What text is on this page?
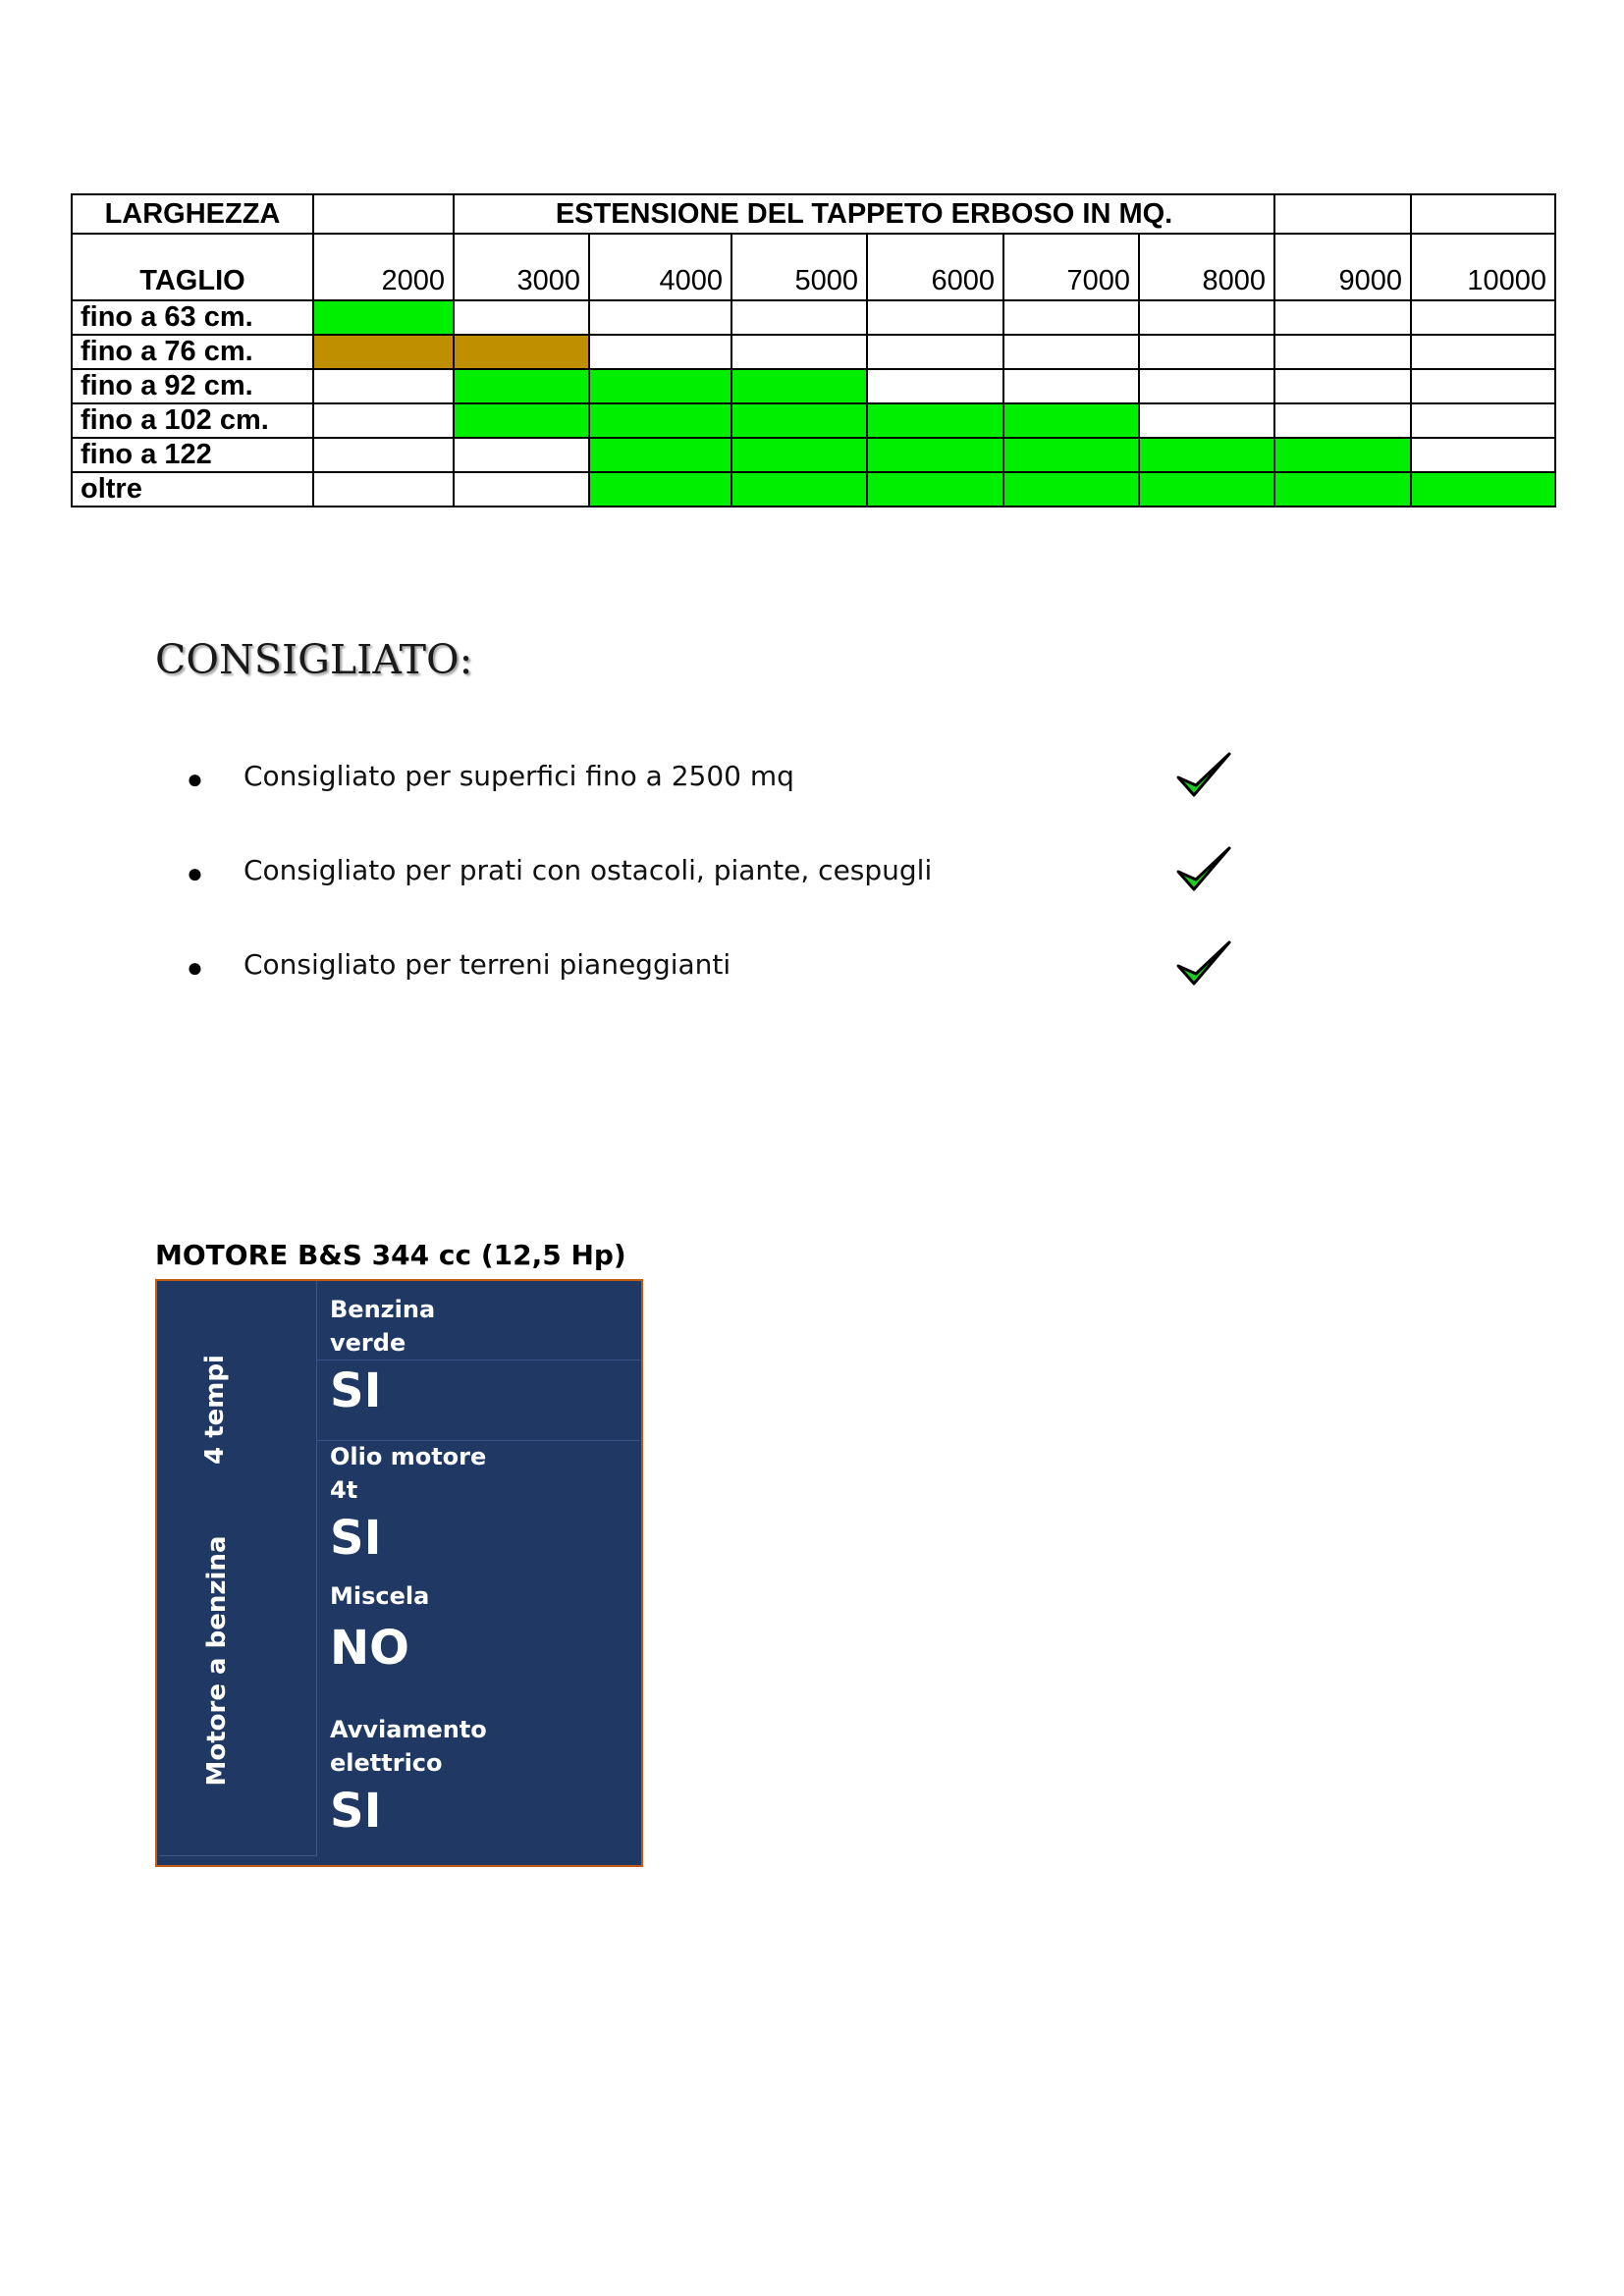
LARGHEZZA		ESTENSIONE DEL TAPPETO ERBOSO IN MQ.							
TAGLIO	2000	3000	4000	5000	6000	7000	8000	9000	10000
fino a 63 cm.									
fino a 76 cm.									
fino a 92 cm.									
fino a 102 cm.									
fino a 122									
oltre									
CONSIGLIATO:
● Consigliato per superfici fino a 2500 mq
● Consigliato per prati con ostacoli, piante, cespugli
● Consigliato per terreni pianeggianti
MOTORE B&S 344 cc (12,5 Hp)
4 tempi
Motore a benzina
Benzina
verde
SI
Olio motore
4t
SI
Miscela
NO
Avviamento
elettrico
SI
